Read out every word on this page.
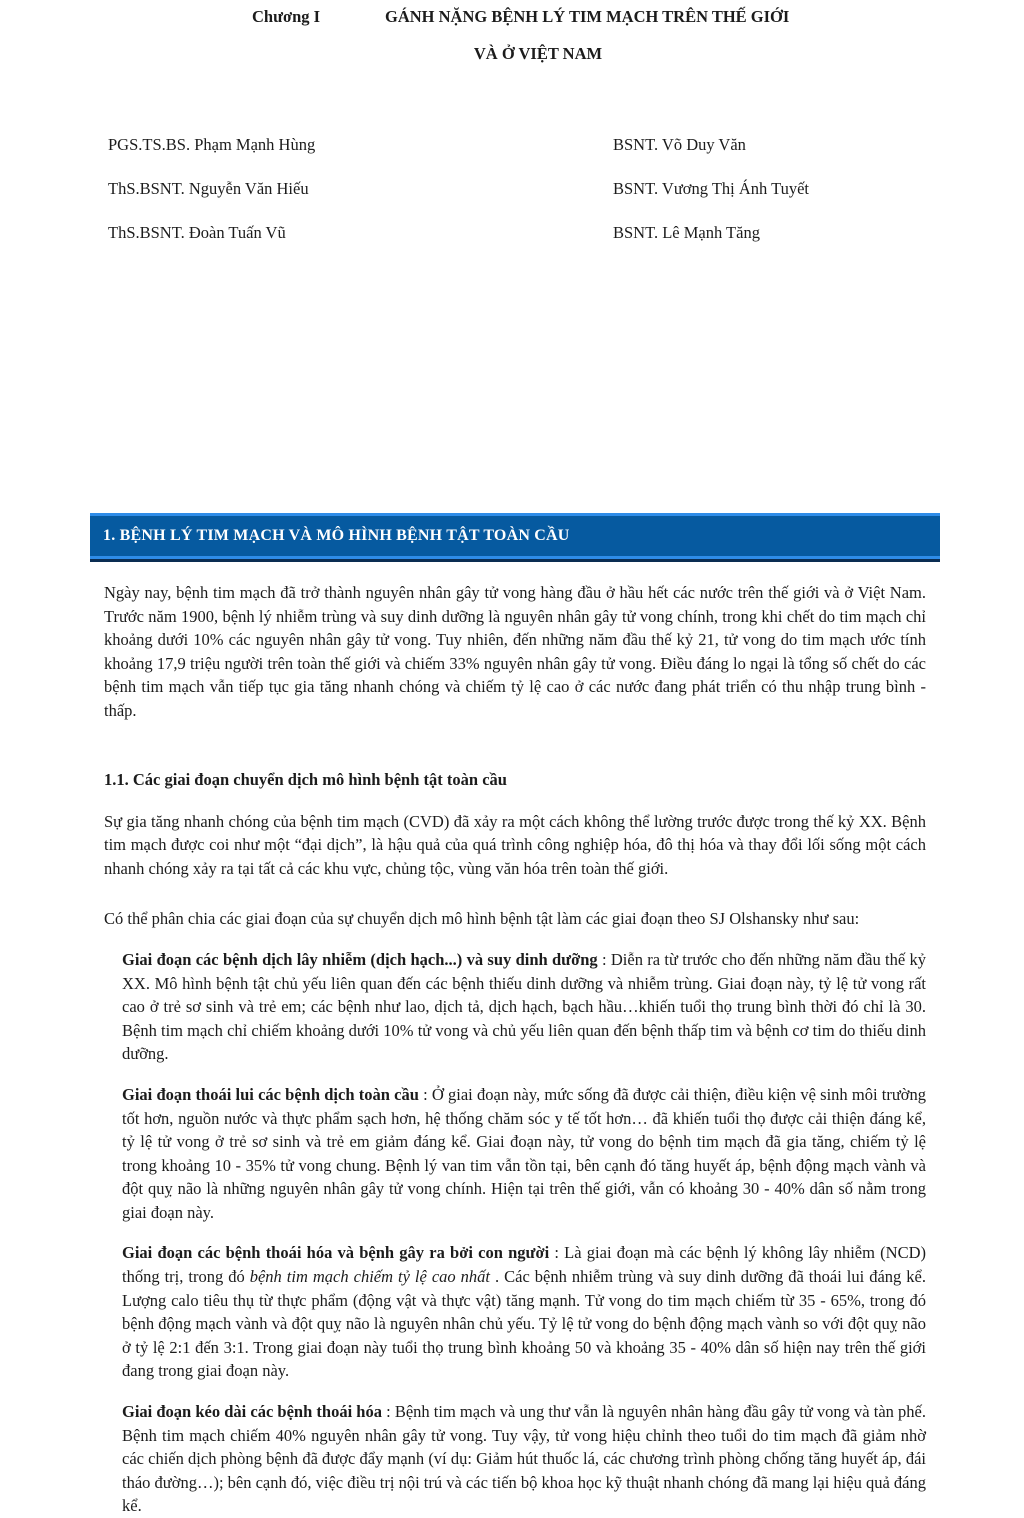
Chương I	GÁNH NẶNG BỆNH LÝ TIM MẠCH TRÊN THẾ GIỚI
VÀ Ở VIỆT NAM
PGS.TS.BS. Phạm Mạnh Hùng
ThS.BSNT. Nguyễn Văn Hiếu
ThS.BSNT. Đoàn Tuấn Vũ
BSNT. Võ Duy Văn
BSNT. Vương Thị Ánh Tuyết
BSNT. Lê Mạnh Tăng
1. BỆNH LÝ TIM MẠCH VÀ MÔ HÌNH BỆNH TẬT TOÀN CẦU

Ngày nay, bệnh tim mạch đã trở thành nguyên nhân gây tử vong hàng đầu ở hầu hết các nước trên thế giới và ở Việt Nam. Trước năm 1900, bệnh lý nhiễm trùng và suy dinh dưỡng là nguyên nhân gây tử vong chính, trong khi chết do tim mạch chỉ khoảng dưới 10% các nguyên nhân gây tử vong. Tuy nhiên, đến những năm đầu thế kỷ 21, tử vong do tim mạch ước tính khoảng 17,9 triệu người trên toàn thế giới và chiếm 33% nguyên nhân gây tử vong. Điều đáng lo ngại là tổng số chết do các bệnh tim mạch vẫn tiếp tục gia tăng nhanh chóng và chiếm tỷ lệ cao ở các nước đang phát triển có thu nhập trung bình - thấp.

1.1. Các giai đoạn chuyển dịch mô hình bệnh tật toàn cầu

Sự gia tăng nhanh chóng của bệnh tim mạch (CVD) đã xảy ra một cách không thể lường trước được trong thế kỷ XX. Bệnh tim mạch được coi như một “đại dịch”, là hậu quả của quá trình công nghiệp hóa, đô thị hóa và thay đổi lối sống một cách nhanh chóng xảy ra tại tất cả các khu vực, chủng tộc, vùng văn hóa trên toàn thế giới.

Có thể phân chia các giai đoạn của sự chuyển dịch mô hình bệnh tật làm các giai đoạn theo SJ Olshansky như sau:

Giai đoạn các bệnh dịch lây nhiễm (dịch hạch...) và suy dinh dưỡng : Diễn ra từ trước cho đến những năm đầu thế kỷ XX. Mô hình bệnh tật chủ yếu liên quan đến các bệnh thiếu dinh dưỡng và nhiễm trùng. Giai đoạn này, tỷ lệ tử vong rất cao ở trẻ sơ sinh và trẻ em; các bệnh như lao, dịch tả, dịch hạch, bạch hầu…khiến tuổi thọ trung bình thời đó chỉ là 30. Bệnh tim mạch chỉ chiếm khoảng dưới 10% tử vong và chủ yếu liên quan đến bệnh thấp tim và bệnh cơ tim do thiếu dinh dưỡng.

Giai đoạn thoái lui các bệnh dịch toàn cầu : Ở giai đoạn này, mức sống đã được cải thiện, điều kiện vệ sinh môi trường tốt hơn, nguồn nước và thực phẩm sạch hơn, hệ thống chăm sóc y tế tốt hơn… đã khiến tuổi thọ được cải thiện đáng kể, tỷ lệ tử vong ở trẻ sơ sinh và trẻ em giảm đáng kể. Giai đoạn này, tử vong do bệnh tim mạch đã gia tăng, chiếm tỷ lệ trong khoảng 10 - 35% tử vong chung. Bệnh lý van tim vẫn tồn tại, bên cạnh đó tăng huyết áp, bệnh động mạch vành và đột quỵ não là những nguyên nhân gây tử vong chính. Hiện tại trên thế giới, vẫn có khoảng 30 - 40% dân số nằm trong giai đoạn này.

Giai đoạn các bệnh thoái hóa và bệnh gây ra bởi con người : Là giai đoạn mà các bệnh lý không lây nhiễm (NCD) thống trị, trong đó bệnh tim mạch chiếm tỷ lệ cao nhất . Các bệnh nhiễm trùng và suy dinh dưỡng đã thoái lui đáng kể. Lượng calo tiêu thụ từ thực phẩm (động vật và thực vật) tăng mạnh. Tử vong do tim mạch chiếm từ 35 - 65%, trong đó bệnh động mạch vành và đột quỵ não là nguyên nhân chủ yếu. Tỷ lệ tử vong do bệnh động mạch vành so với đột quỵ não ở tỷ lệ 2:1 đến 3:1. Trong giai đoạn này tuổi thọ trung bình khoảng 50 và khoảng 35 - 40% dân số hiện nay trên thế giới đang trong giai đoạn này.

Giai đoạn kéo dài các bệnh thoái hóa : Bệnh tim mạch và ung thư vẫn là nguyên nhân hàng đầu gây tử vong và tàn phế. Bệnh tim mạch chiếm 40% nguyên nhân gây tử vong. Tuy vậy, tử vong hiệu chỉnh theo tuổi do tim mạch đã giảm nhờ các chiến dịch phòng bệnh đã được đẩy mạnh (ví dụ: Giảm hút thuốc lá, các chương trình phòng chống tăng huyết áp, đái tháo đường…); bên cạnh đó, việc điều trị nội trú và các tiến bộ khoa học kỹ thuật nhanh chóng đã mang lại hiệu quả đáng kể.
